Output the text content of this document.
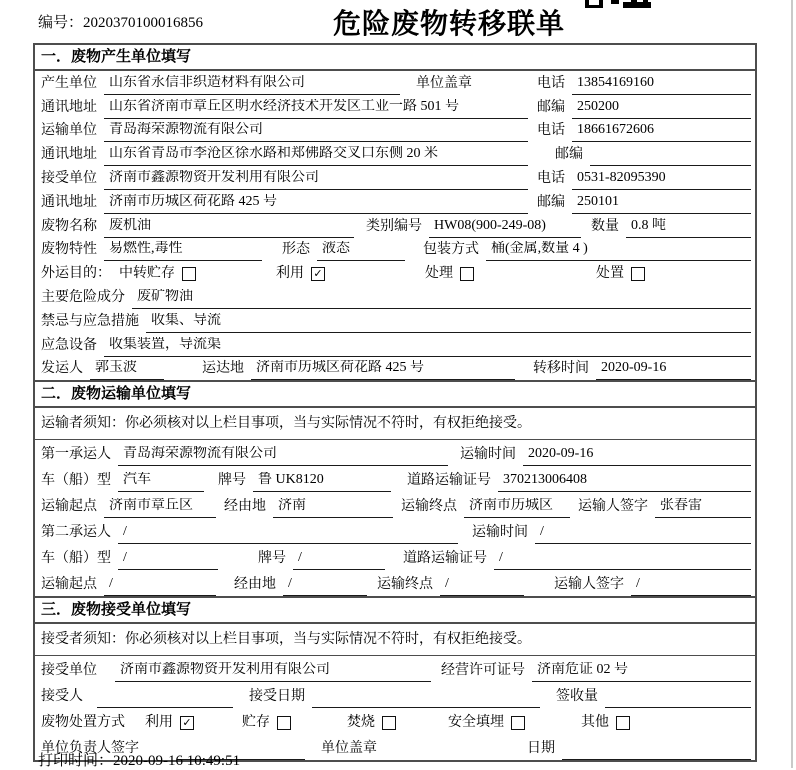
编号：2020370100016856	危险废物转移联单
一．废物产生单位填写
产生单位 山东省永信非织造材料有限公司	单位盖章	电话 13854169160
通讯地址 山东省济南市章丘区明水经济技术开发区工业一路 501 号	邮编 250200
运输单位 青岛海荣源物流有限公司	电话 18661672606
通讯地址 山东省青岛市李沧区徐水路和郑佛路交叉口东侧 20 米	邮编
接受单位 济南市鑫源物资开发利用有限公司	电话 0531-82095390
通讯地址 济南市历城区荷花路 425 号	邮编 250101
废物名称 废机油	类别编号 HW08(900-249-08)	数量 0.8 吨
废物特性 易燃性,毒性	形态 液态	包装方式 桶(金属,数量 4 )
外运目的： 中转贮存	利用 ✓	处理	处置
主要危险成分 废矿物油
禁忌与应急措施 收集、导流
应急设备 收集装置，导流渠
发运人 郭玉波	运达地 济南市历城区荷花路 425 号	转移时间 2020-09-16
二．废物运输单位填写
运输者须知：你必须核对以上栏目事项，当与实际情况不符时，有权拒绝接受。
第一承运人 青岛海荣源物流有限公司	运输时间 2020-09-16
车（船）型 汽车	牌号 鲁 UK8120	道路运输证号 370213006408
运输起点 济南市章丘区	经由地 济南	运输终点 济南市历城区	运输人签字 张春雷
第二承运人 /	运输时间 /
车（船）型 /	牌号 /	道路运输证号 /
运输起点 /	经由地 /	运输终点 /	运输人签字 /
三．废物接受单位填写
接受者须知：你必须核对以上栏目事项，当与实际情况不符时，有权拒绝接受。
接受单位	济南市鑫源物资开发利用有限公司	经营许可证号 济南危证 02 号
接受人	接受日期	签收量
废物处置方式 利用 ✓	贮存	焚烧	安全填埋	其他
单位负责人签字	单位盖章	日期
打印时间：2020-09-16 10:49:51
